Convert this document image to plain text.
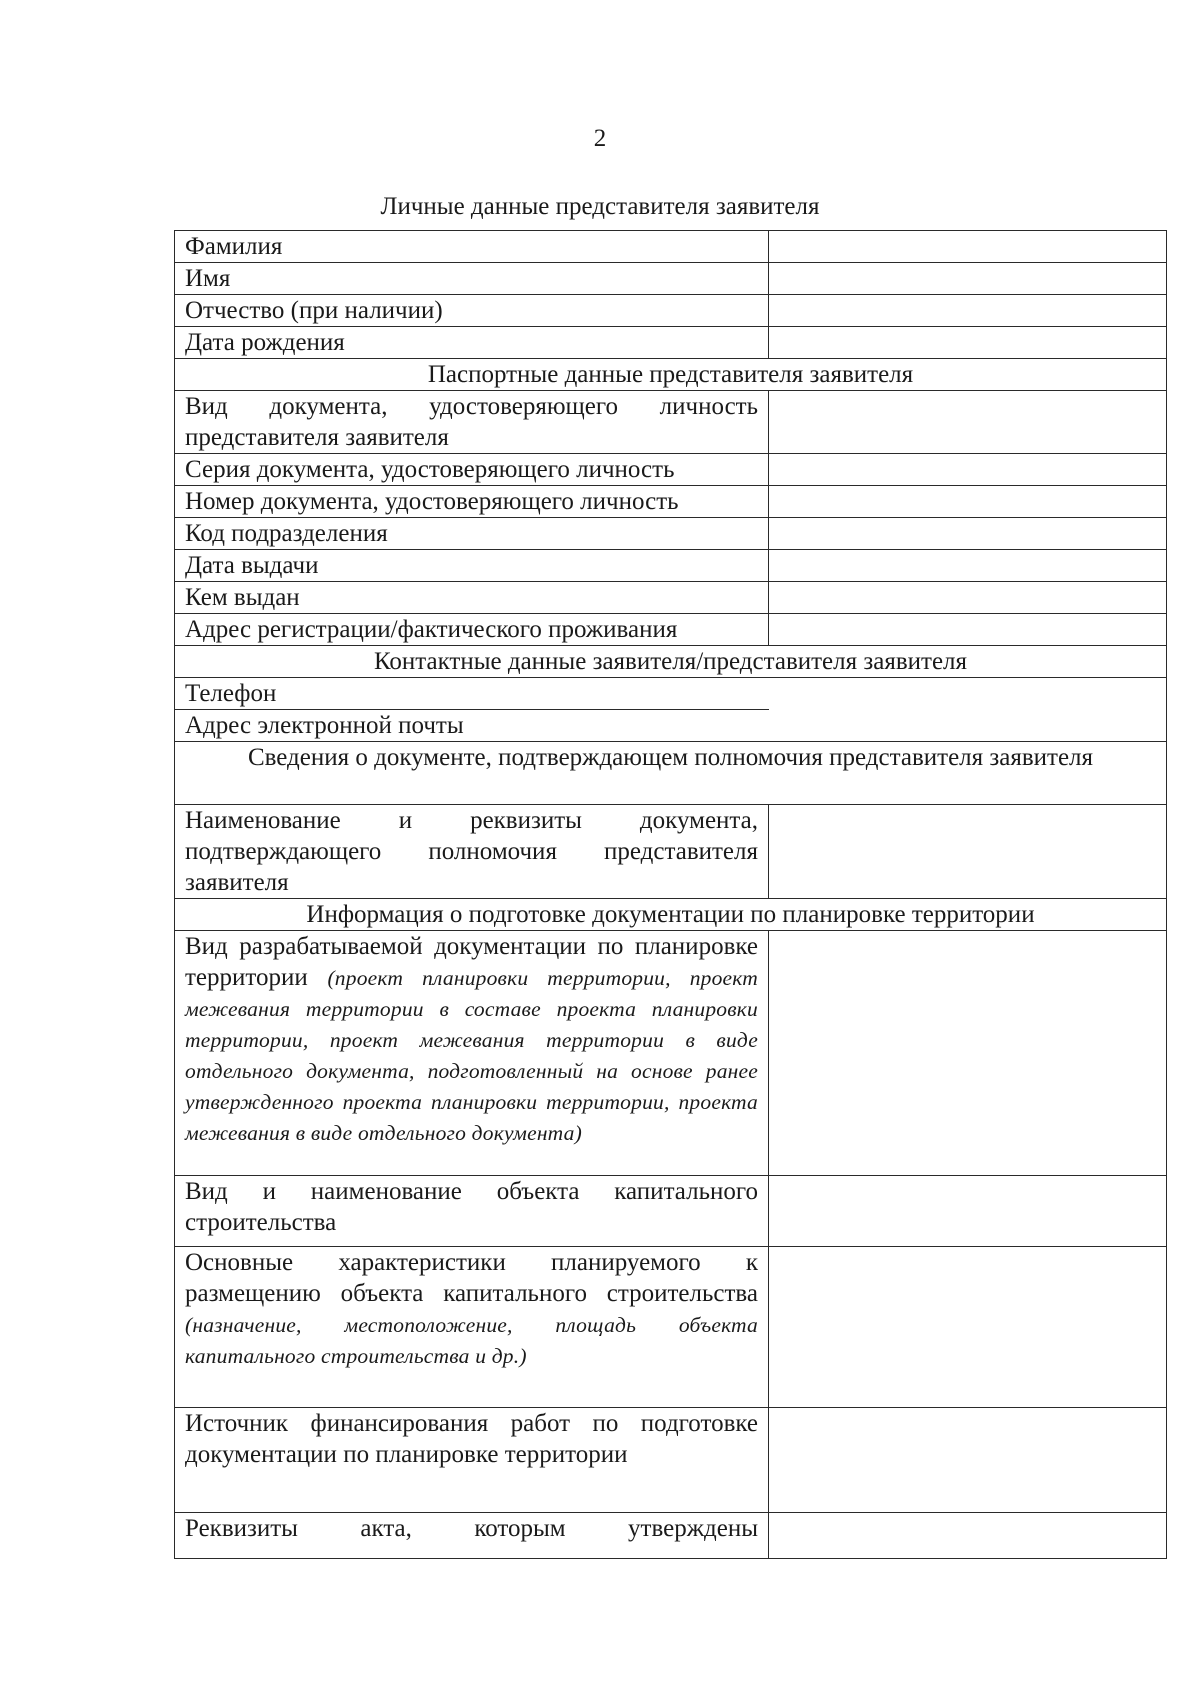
2
Личные данные представителя заявителя
Фамилия	
Имя	
Отчество (при наличии)	
Дата рождения	
Паспортные данные представителя заявителя	
Вид документа, удостоверяющего личность представителя заявителя	
Серия документа, удостоверяющего личность	
Номер документа, удостоверяющего личность	
Код подразделения	
Дата выдачи	
Кем выдан	
Адрес регистрации/фактического проживания	
Контактные данные заявителя/представителя заявителя	
Телефон	
Адрес электронной почты	
Сведения о документе, подтверждающем полномочия представителя заявителя	
Наименование и реквизиты документа, подтверждающего полномочия представителя заявителя	
Информация о подготовке документации по планировке территории	
Вид разрабатываемой документации по планировке территории (проект планировки территории, проект межевания территории в составе проекта планировки территории, проект межевания территории в виде отдельного документа, подготовленный на основе ранее утвержденного проекта планировки территории, проекта межевания в виде отдельного документа)	
Вид и наименование объекта капитального строительства	
Основные характеристики планируемого к размещению объекта капитального строительства (назначение, местоположение, площадь объекта капитального строительства и др.)	
Источник финансирования работ по подготовке документации по планировке территории	
Реквизиты акта, которым утверждены	
